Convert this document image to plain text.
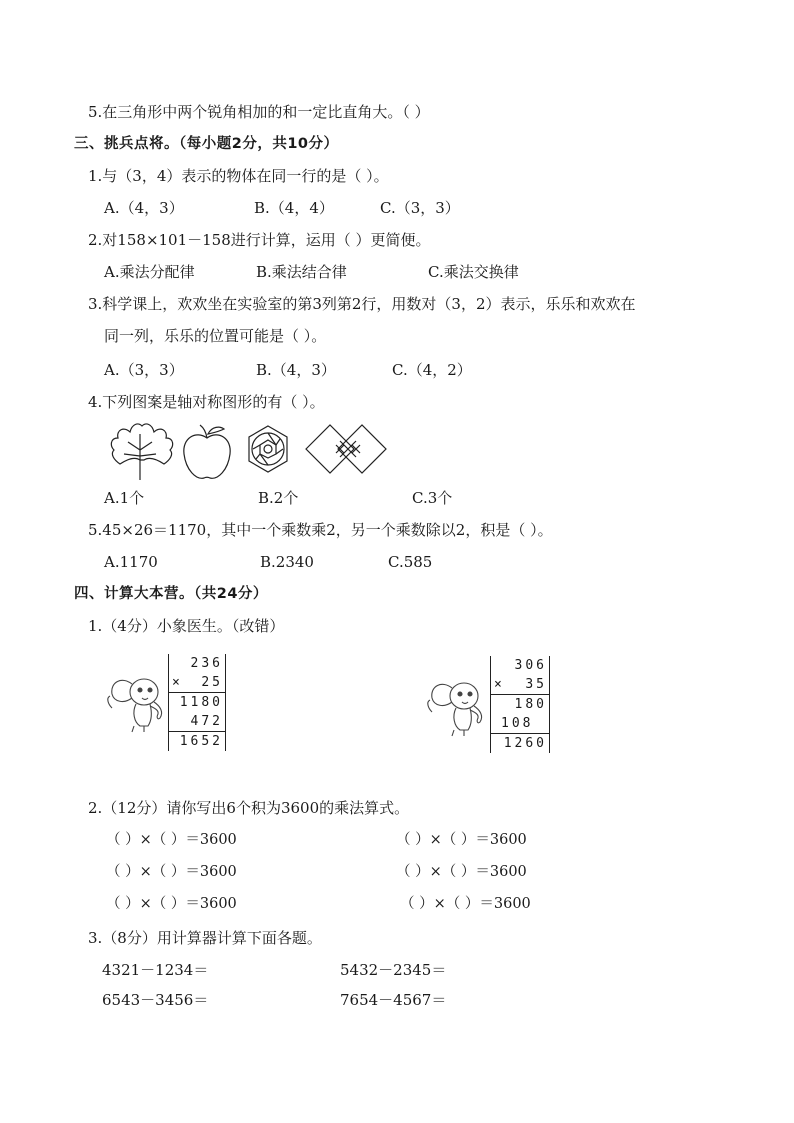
5.在三角形中两个锐角相加的和一定比直角大。（ ）
三、挑兵点将。（每小题2分，共10分）
1.与（3，4）表示的物体在同一行的是（ ）。
A.（4，3）	B.（4，4）	C.（3，3）
2.对158×101－158进行计算，运用（ ）更简便。
A.乘法分配律	B.乘法结合律	C.乘法交换律
3.科学课上，欢欢坐在实验室的第3列第2行，用数对（3，2）表示，乐乐和欢欢在
同一列，乐乐的位置可能是（ ）。
A.（3，3）	B.（4，3）	C.（4，2）
4.下列图案是轴对称图形的有（ ）。
A.1个	B.2个	C.3个
5.45×26＝1170，其中一个乘数乘2，另一个乘数除以2，积是（ ）。
A.1170	B.2340	C.585
四、计算大本营。（共24分）
1.（4分）小象医生。（改错）
236
× 25
1180
472
1652
306
× 35
180
108
1260
2.（12分）请你写出6个积为3600的乘法算式。
（ ）×（ ）＝3600	（ ）×（ ）＝3600
（ ）×（ ）＝3600	（ ）×（ ）＝3600
（ ）×（ ）＝3600	（ ）×（ ）＝3600
3.（8分）用计算器计算下面各题。
4321－1234＝	5432－2345＝
6543－3456＝	7654－4567＝
